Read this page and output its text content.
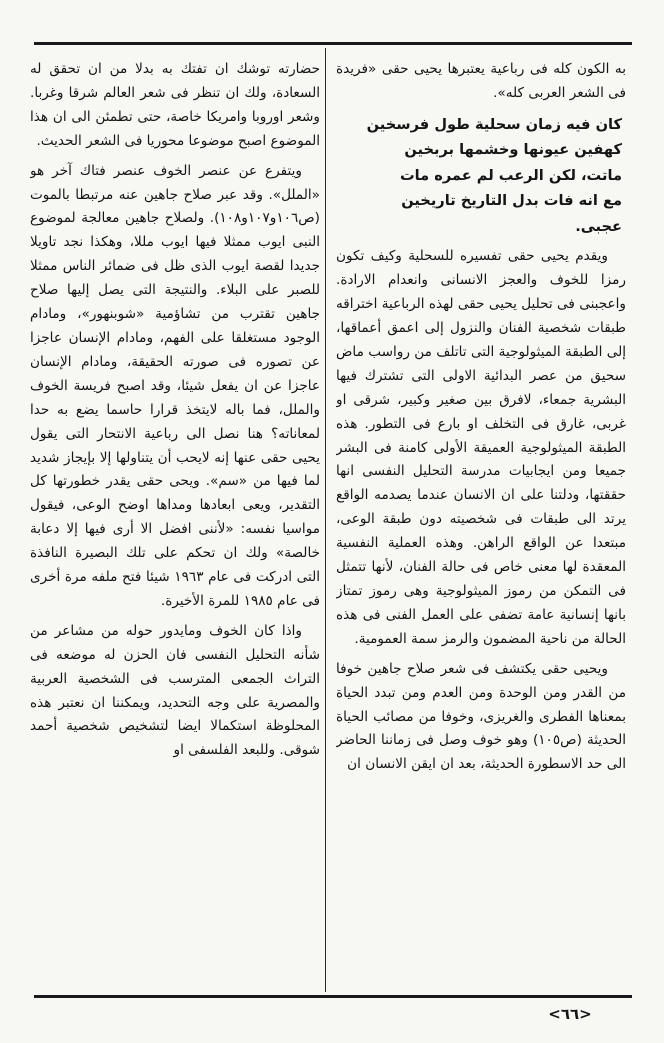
به الكون كله فى رباعية يعتبرها يحيى حقى «فريدة فى الشعر العربى كله».

كان فيه زمان سحلية طول فرسخين
كهفين عيونها وخشمها بربخين
ماتت، لكن الرعب لم عمره مات
مع انه فات بدل التاريخ تاريخين
عجبى.

ويقدم يحيى حقى تفسيره للسحلية وكيف تكون رمزا للخوف والعجز الانسانى وانعدام الارادة. واعجبنى فى تحليل يحيى حقى لهذه الرباعية اختراقه طبقات شخصية الفنان والنزول إلى اعمق أعماقها، إلى الطبقة الميثولوجية التى تاتلف من رواسب ماض سحيق من عصر البدائية الاولى التى تشترك فيها البشرية جمعاء، لافرق بين صغير وكبير، شرقى او غربى، غارق فى التخلف او بارع فى التطور. هذه الطبقة الميثولوجية العميقة الأولى كامنة فى البشر جميعا ومن ايجابيات مدرسة التحليل النفسى انها حققتها، ودلتنا على ان الانسان عندما يصدمه الواقع يرتد الى طبقات فى شخصيته دون طبقة الوعى، مبتعدا عن الواقع الراهن. وهذه العملية النفسية المعقدة لها معنى خاص فى حالة الفنان، لأنها تتمثل فى التمكن من رموز الميثولوجية وهى رموز تمتاز بانها إنسانية عامة تضفى على العمل الفنى فى هذه الحالة من ناحية المضمون والرمز سمة العمومية.

ويحيى حقى يكتشف فى شعر صلاح جاهين خوفا من القدر ومن الوحدة ومن العدم ومن تبدد الحياة بمعناها الفطرى والغريزى، وخوفا من مصائب الحياة الحديثة (ص١٠٥) وهو خوف وصل فى زماننا الحاضر الى حد الاسطورة الحديثة، بعد ان ايقن الانسان ان

حضارته توشك ان تفتك به بدلا من ان تحقق له السعادة، ولك ان تنظر فى شعر العالم شرقا وغربا. وشعر اوروبا وامريكا خاصة، حتى تطمئن الى ان هذا الموضوع اصبح موضوعا محوريا فى الشعر الحديث.

ويتفرع عن عنصر الخوف عنصر فتاك آخر هو «الملل». وقد عبر صلاح جاهين عنه مرتبطا بالموت (ص١٠٦و١٠٧و١٠٨). ولصلاح جاهين معالجة لموضوع النبى ايوب ممثلا فيها ايوب مللا، وهكذا نجد تاويلا جديدا لقصة ايوب الذى ظل فى ضمائر الناس ممثلا للصبر على البلاء. والنتيجة التى يصل إليها صلاح جاهين تقترب من تشاؤمية «شوبنهور»، ومادام الوجود مستغلقا على الفهم، ومادام الإنسان عاجزا عن تصوره فى صورته الحقيقة، ومادام الإنسان عاجزا عن ان يفعل شيئا، وقد اصبح فريسة الخوف والملل، فما باله لايتخذ قرارا حاسما يضع به حدا لمعاناته؟ هنا نصل الى رباعية الانتحار التى يقول يحيى حقى عنها إنه لايحب أن يتناولها إلا بإيجاز شديد لما فيها من «سم». ويحى حقى يقدر خطورتها كل التقدير، ويعى ابعادها ومداها اوضح الوعى، فيقول مواسيا نفسه: «لأننى افضل الا أرى فيها إلا دعابة خالصة» ولك ان تحكم على تلك البصيرة النافذة التى ادركت فى عام ١٩٦٣ شيئا فتح ملفه مرة أخرى فى عام ١٩٨٥ للمرة الأخيرة.

واذا كان الخوف ومايدور حوله من مشاعر من شأنه التحليل النفسى فان الحزن له موضعه فى التراث الجمعى المترسب فى الشخصية العربية والمصرية على وجه التحديد، ويمكننا ان نعتبر هذه المحلوظة استكمالا ايضا لتشخيص شخصية أحمد شوقى. وللبعد الفلسفى او

<٦٦>
